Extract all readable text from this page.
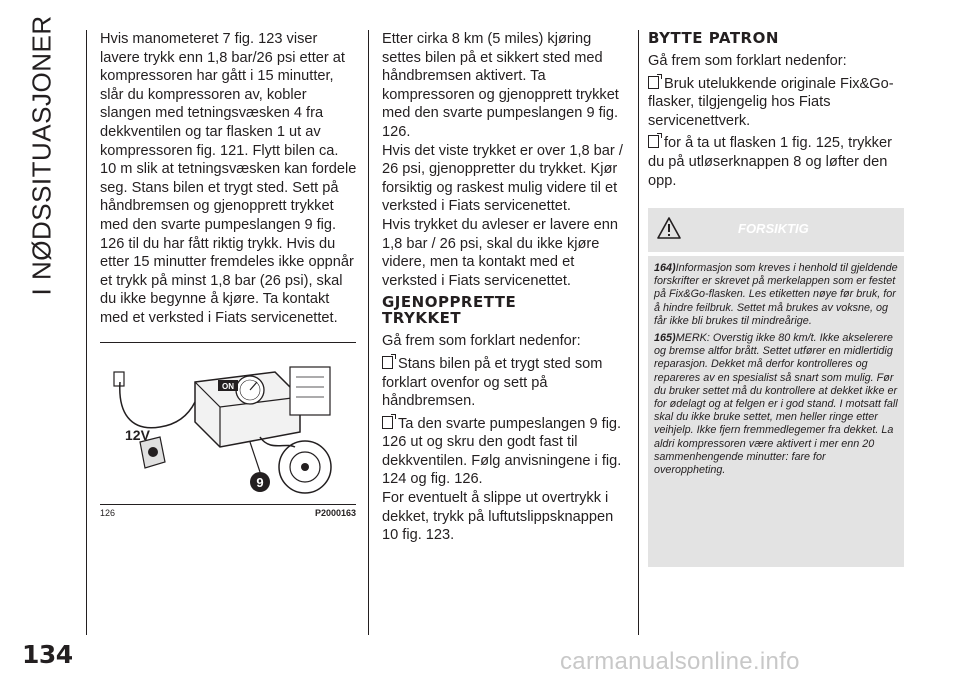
I NØDSSITUASJONER	Hvis manometeret 7 fig. 123 viser lavere trykk enn 1,8 bar/26 psi etter at kompressoren har gått i 15 minutter, slår du kompressoren av, kobler slangen med tetningsvæsken 4 fra dekkventilen og tar flasken 1 ut av kompressoren fig. 121. Flytt bilen ca. 10 m slik at tetningsvæsken kan fordele seg. Stans bilen et trygt sted. Sett på håndbremsen og gjenopprett trykket med den svarte pumpeslangen 9 fig. 126 til du har fått riktig trykk. Hvis du etter 15 minutter fremdeles ikke oppnår et trykk på minst 1,8 bar (26 psi), skal du ikke begynne å kjøre. Ta kontakt med et verksted i Fiats servicenettet.

ON
12V
9
126	P2000163

Etter cirka 8 km (5 miles) kjøring settes bilen på et sikkert sted med håndbremsen aktivert. Ta kompressoren og gjenopprett trykket med den svarte pumpeslangen 9 fig. 126.

Hvis det viste trykket er over 1,8 bar / 26 psi, gjenoppretter du trykket. Kjør forsiktig og raskest mulig videre til et verksted i Fiats servicenettet.

Hvis trykket du avleser er lavere enn 1,8 bar / 26 psi, skal du ikke kjøre videre, men ta kontakt med et verksted i Fiats servicenettet.

GJENOPPRETTE
TRYKKET

Gå frem som forklart nedenfor:

Stans bilen på et trygt sted som forklart ovenfor og sett på håndbremsen.

Ta den svarte pumpeslangen 9 fig. 126 ut og skru den godt fast til dekkventilen. Følg anvisningene i fig. 124 og fig. 126.

For eventuelt å slippe ut overtrykk i dekket, trykk på luftutslippsknappen 10 fig. 123.

BYTTE PATRON

Gå frem som forklart nedenfor:

Bruk utelukkende originale Fix&Go-flasker, tilgjengelig hos Fiats servicenettverk.

for å ta ut flasken 1 fig. 125, trykker du på utløserknappen 8 og løfter den opp.

FORSIKTIG

164)Informasjon som kreves i henhold til gjeldende forskrifter er skrevet på merkelappen som er festet på Fix&Go-flasken. Les etiketten nøye før bruk, for å hindre feilbruk. Settet må brukes av voksne, og får ikke bli brukes til mindreårige.

165)MERK: Overstig ikke 80 km/t. Ikke akselerere og bremse altfor brått. Settet utfører en midlertidig reparasjon. Dekket må derfor kontrolleres og repareres av en spesialist så snart som mulig. Før du bruker settet må du kontrollere at dekket ikke er for ødelagt og at felgen er i god stand. I motsatt fall skal du ikke bruke settet, men heller ringe etter veihjelp. Ikke fjern fremmedlegemer fra dekket. La aldri kompressoren være aktivert i mer enn 20 sammenhengende minutter: fare for overoppheting.

134	carmanualsonline.info
